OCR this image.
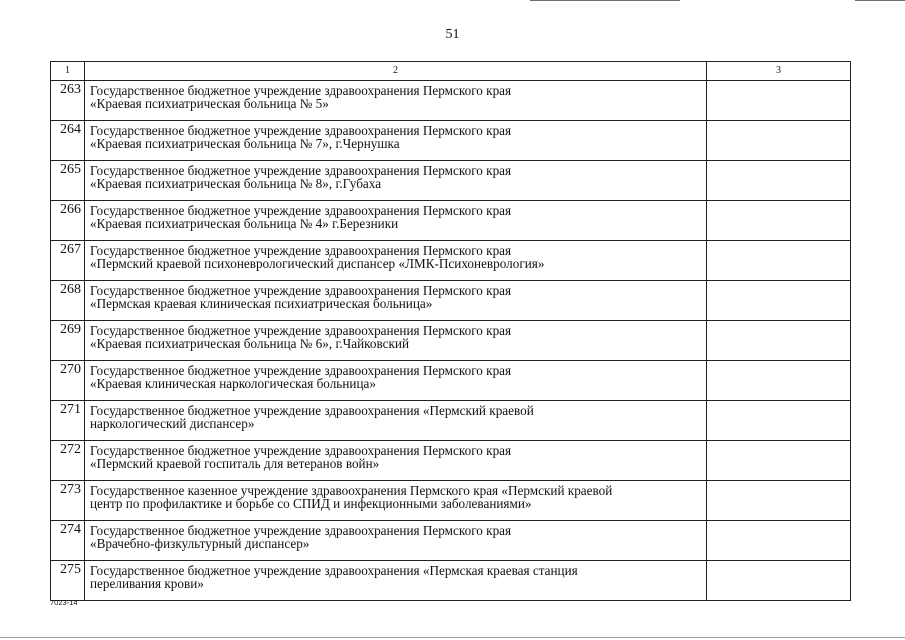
51
1	2	3
263	Государственное бюджетное учреждение здравоохранения Пермского края
«Краевая психиатрическая больница № 5»	

264	Государственное бюджетное учреждение здравоохранения Пермского края
«Краевая психиатрическая больница № 7», г.Чернушка	

265	Государственное бюджетное учреждение здравоохранения Пермского края
«Краевая психиатрическая больница № 8», г.Губаха	

266	Государственное бюджетное учреждение здравоохранения Пермского края
«Краевая психиатрическая больница № 4» г.Березники	

267	Государственное бюджетное учреждение здравоохранения Пермского края
«Пермский краевой психоневрологический диспансер «ЛМК-Психоневрология»	

268	Государственное бюджетное учреждение здравоохранения Пермского края
«Пермская краевая клиническая психиатрическая больница»	

269	Государственное бюджетное учреждение здравоохранения Пермского края
«Краевая психиатрическая больница № 6», г.Чайковский	

270	Государственное бюджетное учреждение здравоохранения Пермского края
«Краевая клиническая наркологическая больница»	

271	Государственное бюджетное учреждение здравоохранения «Пермский краевой
наркологический диспансер»	

272	Государственное бюджетное учреждение здравоохранения Пермского края
«Пермский краевой госпиталь для ветеранов войн»	

273	Государственное казенное учреждение здравоохранения Пермского края «Пермский краевой
центр по профилактике и борьбе со СПИД и инфекционными заболеваниями»	

274	Государственное бюджетное учреждение здравоохранения Пермского края
«Врачебно-физкультурный диспансер»	

275	Государственное бюджетное учреждение здравоохранения «Пермская краевая станция
переливания крови»	

7023-14
